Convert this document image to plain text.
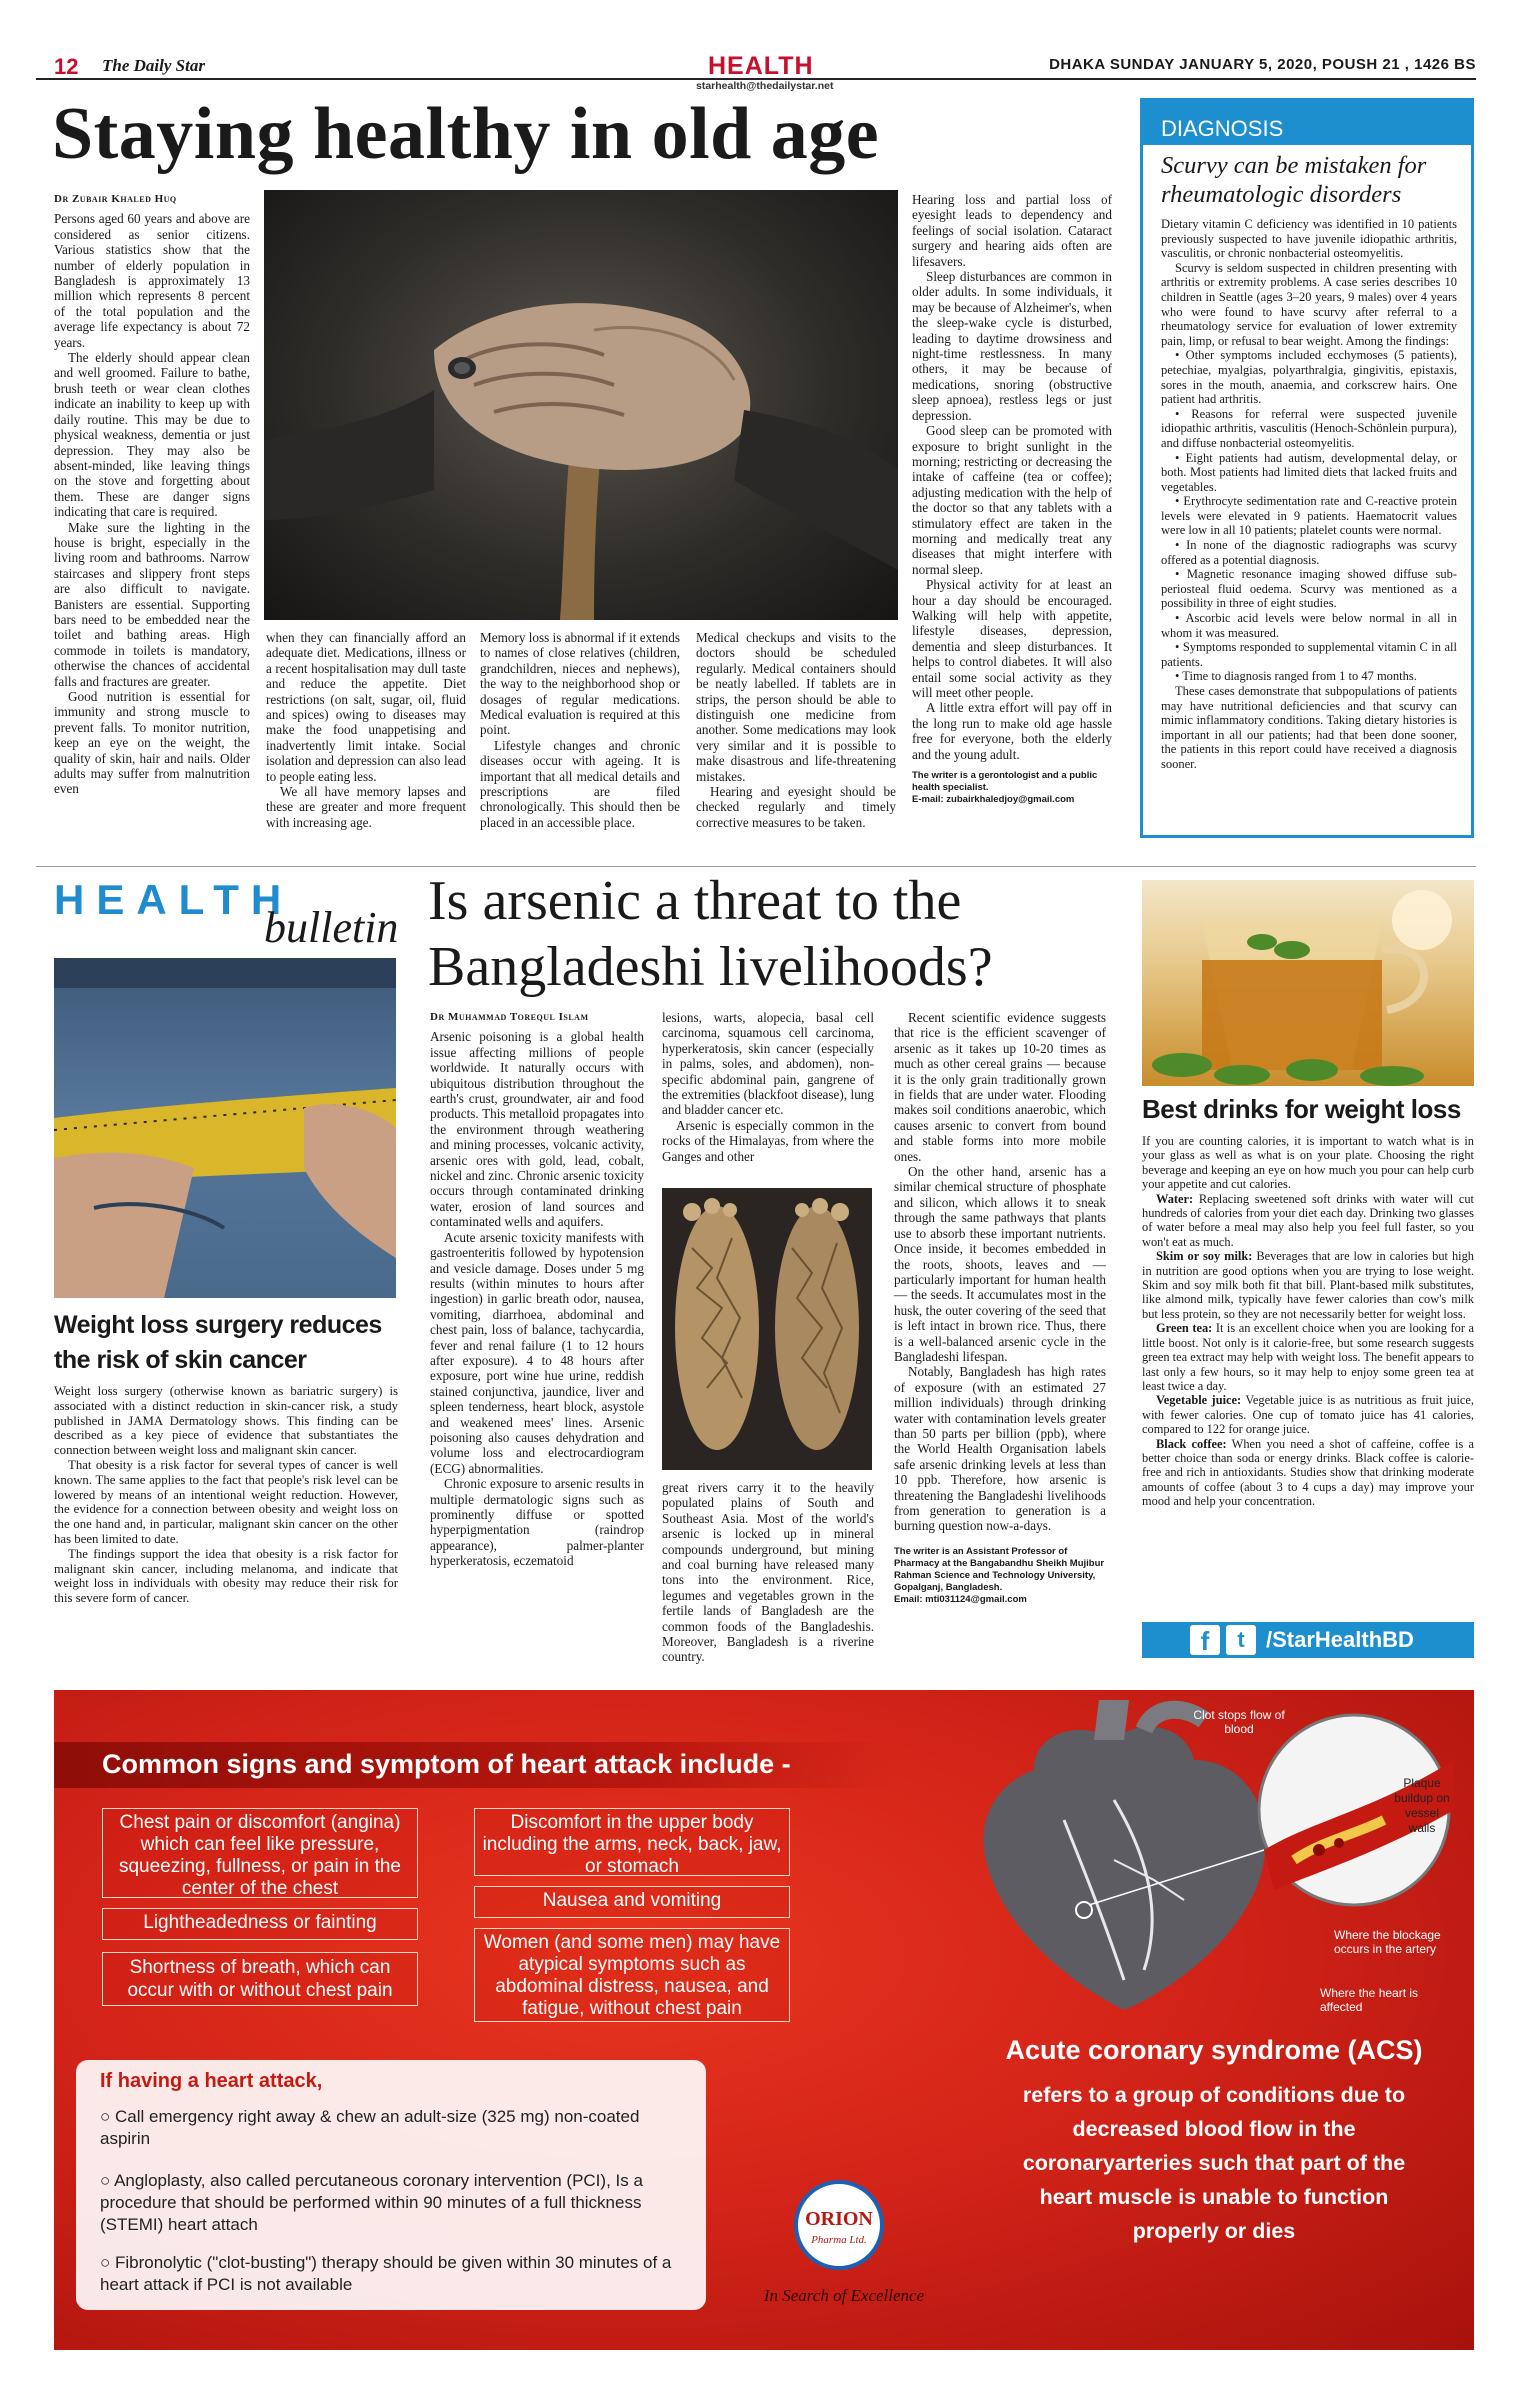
12 The Daily Star	HEALTH
starhealth@thedailystar.net
DHAKA SUNDAY JANUARY 5, 2020, POUSH 21 , 1426 BS
Staying healthy in old age
Dr Zubair Khaled Huq

Persons aged 60 years and above are considered as senior citizens. Various statistics show that the number of elderly population in Bangladesh is approximately 13 million which represents 8 percent of the total population and the average life expectancy is about 72 years.

The elderly should appear clean and well groomed. Failure to bathe, brush teeth or wear clean clothes indicate an inability to keep up with daily routine. This may be due to physical weakness, dementia or just depression. They may also be absent-minded, like leaving things on the stove and forgetting about them. These are danger signs indicating that care is required.

Make sure the lighting in the house is bright, especially in the living room and bathrooms. Narrow staircases and slippery front steps are also difficult to navigate. Banisters are essential. Supporting bars need to be embedded near the toilet and bathing areas. High commode in toilets is mandatory, otherwise the chances of accidental falls and fractures are greater.

Good nutrition is essential for immunity and strong muscle to prevent falls. To monitor nutrition, keep an eye on the weight, the quality of skin, hair and nails. Older adults may suffer from malnutrition even

when they can financially afford an adequate diet. Medications, illness or a recent hospitalisation may dull taste and reduce the appetite. Diet restrictions (on salt, sugar, oil, fluid and spices) owing to diseases may make the food unappetising and inadvertently limit intake. Social isolation and depression can also lead to people eating less.

We all have memory lapses and these are greater and more frequent with increasing age.

Memory loss is abnormal if it extends to names of close relatives (children, grandchildren, nieces and nephews), the way to the neighborhood shop or dosages of regular medications. Medical evaluation is required at this point.

Lifestyle changes and chronic diseases occur with ageing. It is important that all medical details and prescriptions are filed chronologically. This should then be placed in an accessible place.

Medical checkups and visits to the doctors should be scheduled regularly. Medical containers should be neatly labelled. If tablets are in strips, the person should be able to distinguish one medicine from another. Some medications may look very similar and it is possible to make disastrous and life-threatening mistakes.

Hearing and eyesight should be checked regularly and timely corrective measures to be taken.

Hearing loss and partial loss of eyesight leads to dependency and feelings of social isolation. Cataract surgery and hearing aids often are lifesavers.

Sleep disturbances are common in older adults. In some individuals, it may be because of Alzheimer's, when the sleep-wake cycle is disturbed, leading to daytime drowsiness and night-time restlessness. In many others, it may be because of medications, snoring (obstructive sleep apnoea), restless legs or just depression.

Good sleep can be promoted with exposure to bright sunlight in the morning; restricting or decreasing the intake of caffeine (tea or coffee); adjusting medication with the help of the doctor so that any tablets with a stimulatory effect are taken in the morning and medically treat any diseases that might interfere with normal sleep.

Physical activity for at least an hour a day should be encouraged. Walking will help with appetite, lifestyle diseases, depression, dementia and sleep disturbances. It helps to control diabetes. It will also entail some social activity as they will meet other people.

A little extra effort will pay off in the long run to make old age hassle free for everyone, both the elderly and the young adult.

The writer is a gerontologist and a public health specialist.
E-mail: zubairkhaledjoy@gmail.com
DIAGNOSIS
Scurvy can be mistaken for rheumatologic disorders

Dietary vitamin C deficiency was identified in 10 patients previously suspected to have juvenile idiopathic arthritis, vasculitis, or chronic nonbacterial osteomyelitis.

Scurvy is seldom suspected in children presenting with arthritis or extremity problems. A case series describes 10 children in Seattle (ages 3–20 years, 9 males) over 4 years who were found to have scurvy after referral to a rheumatology service for evaluation of lower extremity pain, limp, or refusal to bear weight. Among the findings:

• Other symptoms included ecchymoses (5 patients), petechiae, myalgias, polyarthralgia, gingivitis, epistaxis, sores in the mouth, anaemia, and corkscrew hairs. One patient had arthritis.

• Reasons for referral were suspected juvenile idiopathic arthritis, vasculitis (Henoch-Schönlein purpura), and diffuse nonbacterial osteomyelitis.

• Eight patients had autism, developmental delay, or both. Most patients had limited diets that lacked fruits and vegetables.

• Erythrocyte sedimentation rate and C-reactive protein levels were elevated in 9 patients. Haematocrit values were low in all 10 patients; platelet counts were normal.

• In none of the diagnostic radiographs was scurvy offered as a potential diagnosis.

• Magnetic resonance imaging showed diffuse sub-periosteal fluid oedema. Scurvy was mentioned as a possibility in three of eight studies.

• Ascorbic acid levels were below normal in all in whom it was measured.

• Symptoms responded to supplemental vitamin C in all patients.

• Time to diagnosis ranged from 1 to 47 months.

These cases demonstrate that subpopulations of patients may have nutritional deficiencies and that scurvy can mimic inflammatory conditions. Taking dietary histories is important in all our patients; had that been done sooner, the patients in this report could have received a diagnosis sooner.

HEALTH
bulletin
Weight loss surgery reduces the risk of skin cancer

Weight loss surgery (otherwise known as bariatric surgery) is associated with a distinct reduction in skin-cancer risk, a study published in JAMA Dermatology shows. This finding can be described as a key piece of evidence that substantiates the connection between weight loss and malignant skin cancer.

That obesity is a risk factor for several types of cancer is well known. The same applies to the fact that people's risk level can be lowered by means of an intentional weight reduction. However, the evidence for a connection between obesity and weight loss on the one hand and, in particular, malignant skin cancer on the other has been limited to date.

The findings support the idea that obesity is a risk factor for malignant skin cancer, including melanoma, and indicate that weight loss in individuals with obesity may reduce their risk for this severe form of cancer.

Is arsenic a threat to the Bangladeshi livelihoods?
Dr Muhammad Torequl Islam

Arsenic poisoning is a global health issue affecting millions of people worldwide. It naturally occurs with ubiquitous distribution throughout the earth's crust, groundwater, air and food products. This metalloid propagates into the environment through weathering and mining processes, volcanic activity, arsenic ores with gold, lead, cobalt, nickel and zinc. Chronic arsenic toxicity occurs through contaminated drinking water, erosion of land sources and contaminated wells and aquifers.

Acute arsenic toxicity manifests with gastroenteritis followed by hypotension and vesicle damage. Doses under 5 mg results (within minutes to hours after ingestion) in garlic breath odor, nausea, vomiting, diarrhoea, abdominal and chest pain, loss of balance, tachycardia, fever and renal failure (1 to 12 hours after exposure). 4 to 48 hours after exposure, port wine hue urine, reddish stained conjunctiva, jaundice, liver and spleen tenderness, heart block, asystole and weakened mees' lines. Arsenic poisoning also causes dehydration and volume loss and electrocardiogram (ECG) abnormalities.

Chronic exposure to arsenic results in multiple dermatologic signs such as prominently diffuse or spotted hyperpigmentation (raindrop appearance), palmer-planter hyperkeratosis, eczematoid

lesions, warts, alopecia, basal cell carcinoma, squamous cell carcinoma, hyperkeratosis, skin cancer (especially in palms, soles, and abdomen), non-specific abdominal pain, gangrene of the extremities (blackfoot disease), lung and bladder cancer etc.

Arsenic is especially common in the rocks of the Himalayas, from where the Ganges and other

great rivers carry it to the heavily populated plains of South and Southeast Asia. Most of the world's arsenic is locked up in mineral compounds underground, but mining and coal burning have released many tons into the environment. Rice, legumes and vegetables grown in the fertile lands of Bangladesh are the common foods of the Bangladeshis. Moreover, Bangladesh is a riverine country.

Recent scientific evidence suggests that rice is the efficient scavenger of arsenic as it takes up 10-20 times as much as other cereal grains — because it is the only grain traditionally grown in fields that are under water. Flooding makes soil conditions anaerobic, which causes arsenic to convert from bound and stable forms into more mobile ones.

On the other hand, arsenic has a similar chemical structure of phosphate and silicon, which allows it to sneak through the same pathways that plants use to absorb these important nutrients. Once inside, it becomes embedded in the roots, shoots, leaves and — particularly important for human health — the seeds. It accumulates most in the husk, the outer covering of the seed that is left intact in brown rice. Thus, there is a well-balanced arsenic cycle in the Bangladeshi lifespan.

Notably, Bangladesh has high rates of exposure (with an estimated 27 million individuals) through drinking water with contamination levels greater than 50 parts per billion (ppb), where the World Health Organisation labels safe arsenic drinking levels at less than 10 ppb. Therefore, how arsenic is threatening the Bangladeshi livelihoods from generation to generation is a burning question now-a-days.

The writer is an Assistant Professor of Pharmacy at the Bangabandhu Sheikh Mujibur Rahman Science and Technology University, Gopalganj, Bangladesh.
Email: mti031124@gmail.com
Best drinks for weight loss

If you are counting calories, it is important to watch what is in your glass as well as what is on your plate. Choosing the right beverage and keeping an eye on how much you pour can help curb your appetite and cut calories.

Water: Replacing sweetened soft drinks with water will cut hundreds of calories from your diet each day. Drinking two glasses of water before a meal may also help you feel full faster, so you won't eat as much.

Skim or soy milk: Beverages that are low in calories but high in nutrition are good options when you are trying to lose weight. Skim and soy milk both fit that bill. Plant-based milk substitutes, like almond milk, typically have fewer calories than cow's milk but less protein, so they are not necessarily better for weight loss.

Green tea: It is an excellent choice when you are looking for a little boost. Not only is it calorie-free, but some research suggests green tea extract may help with weight loss. The benefit appears to last only a few hours, so it may help to enjoy some green tea at least twice a day.

Vegetable juice: Vegetable juice is as nutritious as fruit juice, with fewer calories. One cup of tomato juice has 41 calories, compared to 122 for orange juice.

Black coffee: When you need a shot of caffeine, coffee is a better choice than soda or energy drinks. Black coffee is calorie-free and rich in antioxidants. Studies show that drinking moderate amounts of coffee (about 3 to 4 cups a day) may improve your mood and help your concentration.

f	t /StarHealthBD
Common signs and symptom of heart attack include -
Chest pain or discomfort (angina) which can feel like pressure, squeezing, fullness, or pain in the center of the chest
Lightheadedness or fainting
Shortness of breath, which can occur with or without chest pain
Discomfort in the upper body including the arms, neck, back, jaw, or stomach
Nausea and vomiting
Women (and some men) may have atypical symptoms such as abdominal distress, nausea, and fatigue, without chest pain
Clot stops flow of blood
Plaque buildup on vessel walls
Where the blockage occurs in the artery
Where the heart is affected
If having a heart attack,
○ Call emergency right away & chew an adult-size (325 mg) non-coated aspirin
○ Angloplasty, also called percutaneous coronary intervention (PCI), Is a procedure that should be performed within 90 minutes of a full thickness (STEMI) heart attach
○ Fibronolytic ("clot-busting") therapy should be given within 30 minutes of a heart attack if PCI is not available
ORION
Pharma Ltd.
In Search of Excellence
Acute coronary syndrome (ACS)
refers to a group of conditions due to decreased blood flow in the coronaryarteries such that part of the heart muscle is unable to function properly or dies
